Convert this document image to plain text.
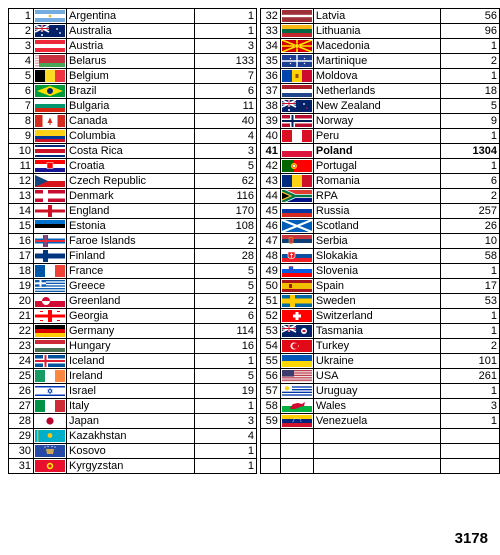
1		Argentina	1
2		Australia	1
3		Austria	3
4		Belarus	133
5		Belgium	7
6		Brazil	6
7		Bulgaria	11
8		Canada	40
9		Columbia	4
10		Costa Rica	3
11		Croatia	5
12		Czech Republic	62
13		Denmark	116
14		England	170
15		Estonia	108
16		Faroe Islands	2
17		Finland	28
18		France	5
19		Greece	5
20		Greenland	2
21		Georgia	6
22		Germany	114
23		Hungary	16
24		Iceland	1
25		Ireland	5
26		Israel	19
27		Italy	1
28		Japan	3
29		Kazakhstan	4
30		Kosovo	1
31		Kyrgyzstan	1
32		Latvia	56
33		Lithuania	96
34		Macedonia	1
35		Martinique	2
36		Moldova	1
37		Netherlands	18
38		New Zealand	5
39		Norway	9
40		Peru	1
41		Poland	1304
42		Portugal	1
43		Romania	6
44		RPA	2
45		Russia	257
46		Scotland	26
47		Serbia	10
48		Slokakia	58
49		Slovenia	1
50		Spain	17
51		Sweden	53
52		Switzerland	1
53		Tasmania	1
54		Turkey	2
55		Ukraine	101
56		USA	261
57		Uruguay	1
58		Wales	3
59		Venezuela	1

3178
